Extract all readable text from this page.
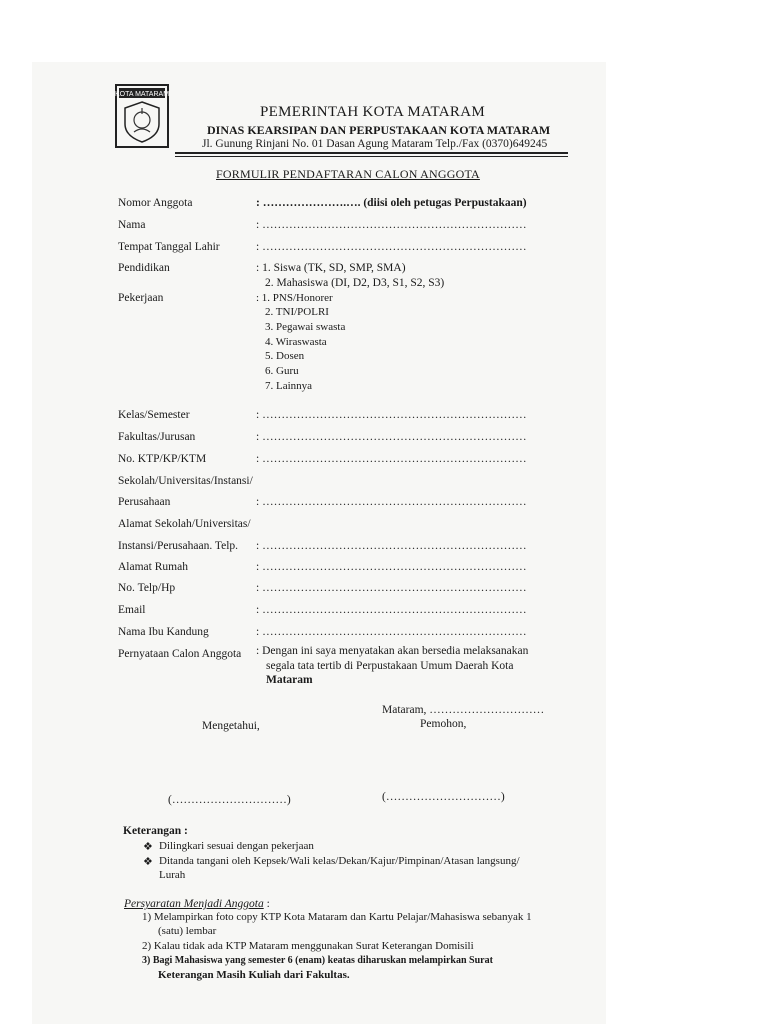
KOTA MATARAM
PEMERINTAH KOTA MATARAM
DINAS KEARSIPAN DAN PERPUSTAKAAN KOTA MATARAM
Jl. Gunung Rinjani No. 01 Dasan Agung Mataram Telp./Fax (0370)649245
FORMULIR PENDAFTARAN CALON ANGGOTA
Nomor Anggota	: ………………….…. (diisi oleh petugas Perpustakaan)
Nama	: ……………………………………………………………
Tempat Tanggal Lahir	: ……………………………………………………………
Pendidikan	: 1. Siswa (TK, SD, SMP, SMA)
2. Mahasiswa (DI, D2, D3, S1, S2, S3)
Pekerjaan	: 1. PNS/Honorer
2. TNI/POLRI
3. Pegawai swasta
4. Wiraswasta
5. Dosen
6. Guru
7. Lainnya
Kelas/Semester	: ……………………………………………………………
Fakultas/Jurusan	: ……………………………………………………………
No. KTP/KP/KTM	: ……………………………………………………………
Sekolah/Universitas/Instansi/
Perusahaan	: ……………………………………………………………
Alamat Sekolah/Universitas/
Instansi/Perusahaan. Telp. : ……………………………………………………………
Alamat Rumah	: ……………………………………………………………
No. Telp/Hp	: ……………………………………………………………
Email	: ……………………………………………………………
Nama Ibu Kandung	: ……………………………………………………………
Pernyataan Calon Anggota : Dengan ini saya menyatakan akan bersedia melaksanakan
segala tata tertib di Perpustakaan Umum Daerah Kota
Mataram
Mataram, …………………………
Mengetahui,	Pemohon,
(…………………………)	(…………………………)
Keterangan :
❖ Dilingkari sesuai dengan pekerjaan
❖ Ditanda tangani oleh Kepsek/Wali kelas/Dekan/Kajur/Pimpinan/Atasan langsung/
Lurah
Persyaratan Menjadi Anggota :
1) Melampirkan foto copy KTP Kota Mataram dan Kartu Pelajar/Mahasiswa sebanyak 1
(satu) lembar
2) Kalau tidak ada KTP Mataram menggunakan Surat Keterangan Domisili
3) Bagi Mahasiswa yang semester 6 (enam) keatas diharuskan melampirkan Surat
Keterangan Masih Kuliah dari Fakultas.
